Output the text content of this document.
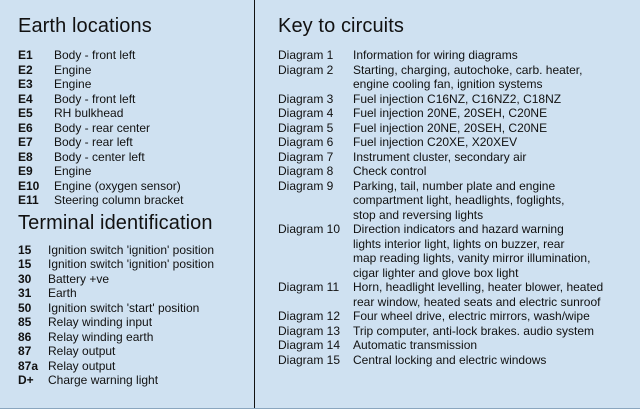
Earth locations
E1	Body - front left
E2	Engine
E3	Engine
E4	Body - front left
E5	RH bulkhead
E6	Body - rear center
E7	Body - rear left
E8	Body - center left
E9	Engine
E10	Engine (oxygen sensor)
E11	Steering column bracket
Terminal identification
15	Ignition switch 'ignition' position
15	Ignition switch 'ignition' position
30	Battery +ve
31	Earth
50	Ignition switch 'start' position
85	Relay winding input
86	Relay winding earth
87	Relay output
87a Relay output
D+	Charge warning light
Key to circuits
Diagram 1	Information for wiring diagrams
Diagram 2	Starting, charging, autochoke, carb. heater,
engine cooling fan, ignition systems
Diagram 3	Fuel injection C16NZ, C16NZ2, C18NZ
Diagram 4	Fuel injection 20NE, 20SEH, C20NE
Diagram 5	Fuel injection 20NE, 20SEH, C20NE
Diagram 6	Fuel injection C20XE, X20XEV
Diagram 7	Instrument cluster, secondary air
Diagram 8	Check control
Diagram 9	Parking, tail, number plate and engine
compartment light, headlights, foglights,
stop and reversing lights
Diagram 10	Direction indicators and hazard warning
lights interior light, lights on buzzer, rear
map reading lights, vanity mirror illumination,
cigar lighter and glove box light
Diagram 11	Horn, headlight levelling, heater blower, heated
rear window, heated seats and electric sunroof
Diagram 12	Four wheel drive, electric mirrors, wash/wipe
Diagram 13	Trip computer, anti-lock brakes. audio system
Diagram 14	Automatic transmission
Diagram 15	Central locking and electric windows
